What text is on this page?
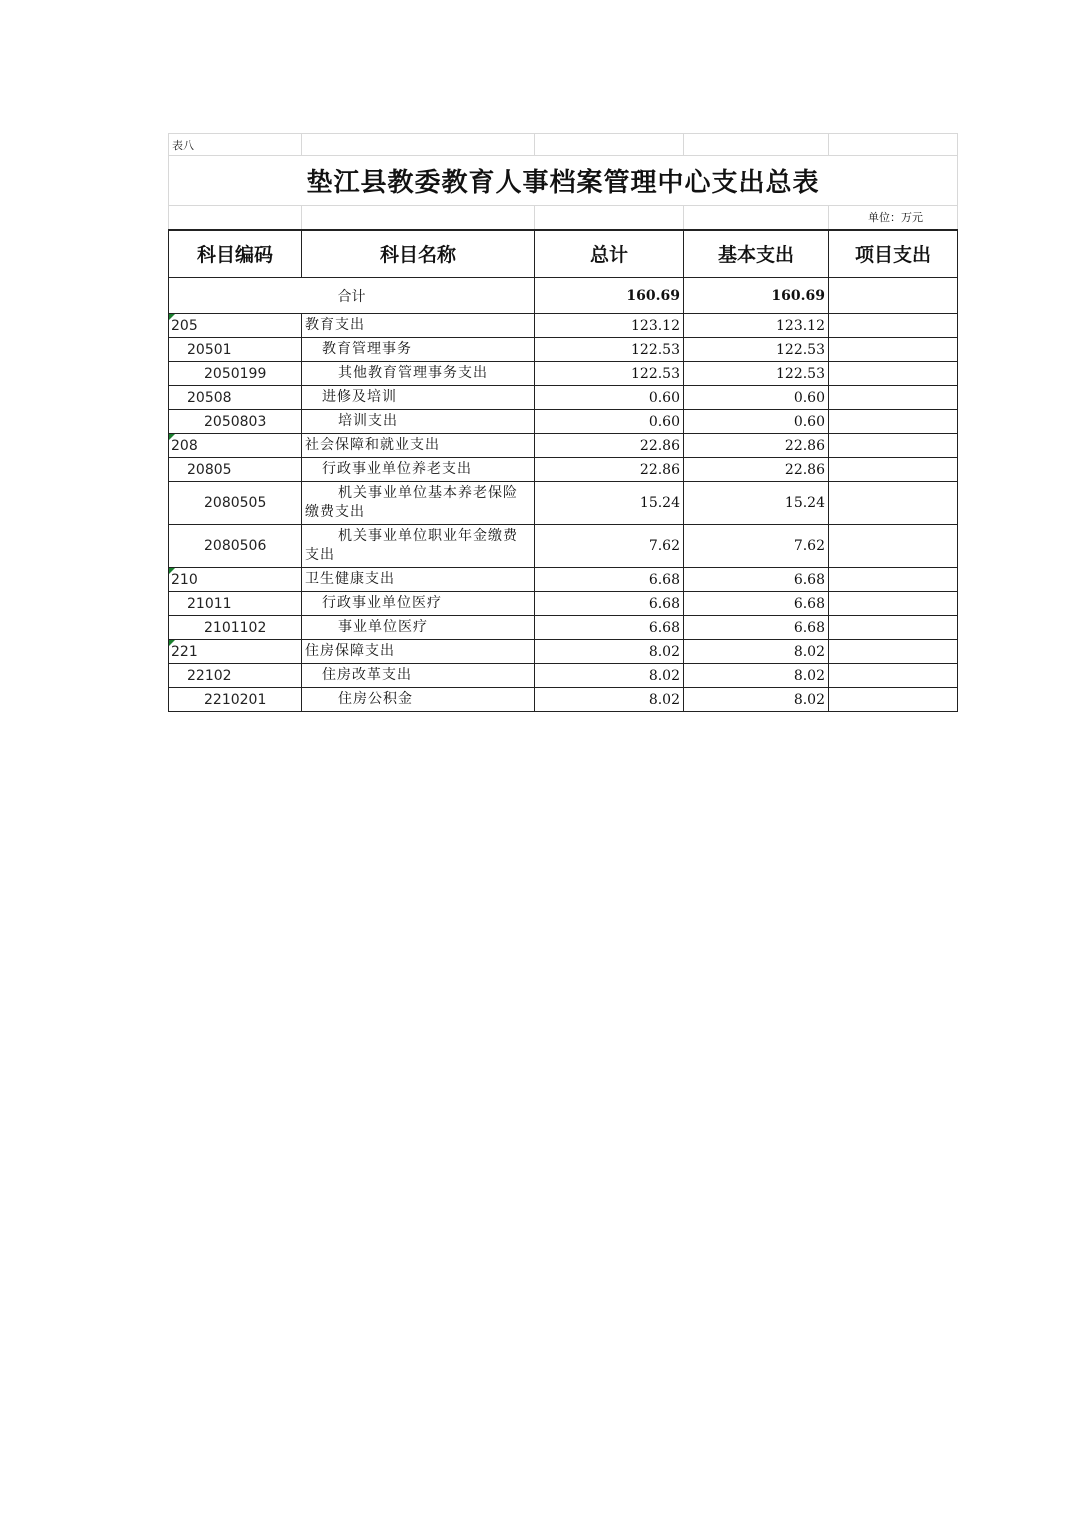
表八				
垫江县教委教育人事档案管理中心支出总表				
				单位：万元
科目编码	科目名称	总计	基本支出	项目支出
合计		160.69	160.69	
205	教育支出	123.12	123.12	
20501	教育管理事务	122.53	122.53	
2050199	其他教育管理事务支出	122.53	122.53	
20508	进修及培训	0.60	0.60	
2050803	培训支出	0.60	0.60	
208	社会保障和就业支出	22.86	22.86	
20805	行政事业单位养老支出	22.86	22.86	
2080505	机关事业单位基本养老保险缴费支出	15.24	15.24	
2080506	机关事业单位职业年金缴费支出	7.62	7.62	
210	卫生健康支出	6.68	6.68	
21011	行政事业单位医疗	6.68	6.68	
2101102	事业单位医疗	6.68	6.68	
221	住房保障支出	8.02	8.02	
22102	住房改革支出	8.02	8.02	
2210201	住房公积金	8.02	8.02	
